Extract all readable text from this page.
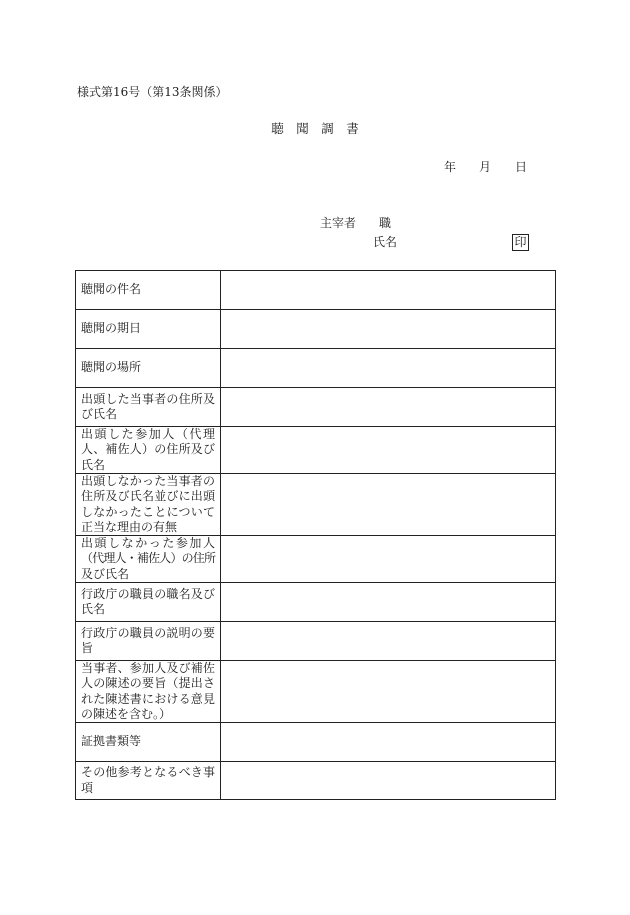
様式第16号（第13条関係）
聴　聞　調　書
年 月 日
主宰者 職
氏名	印
聴聞の件名
聴聞の期日
聴聞の場所
出頭した当事者の住所及
び氏名
出頭した参加人（代理
人、補佐人）の住所及び
氏名
出頭しなかった当事者の
住所及び氏名並びに出頭
しなかったことについて
正当な理由の有無
出頭しなかった参加人
（代理人・補佐人）の住所
及び氏名
行政庁の職員の職名及び
氏名
行政庁の職員の説明の要
旨
当事者、参加人及び補佐
人の陳述の要旨（提出さ
れた陳述書における意見
の陳述を含む。）
証拠書類等
その他参考となるべき事
項
